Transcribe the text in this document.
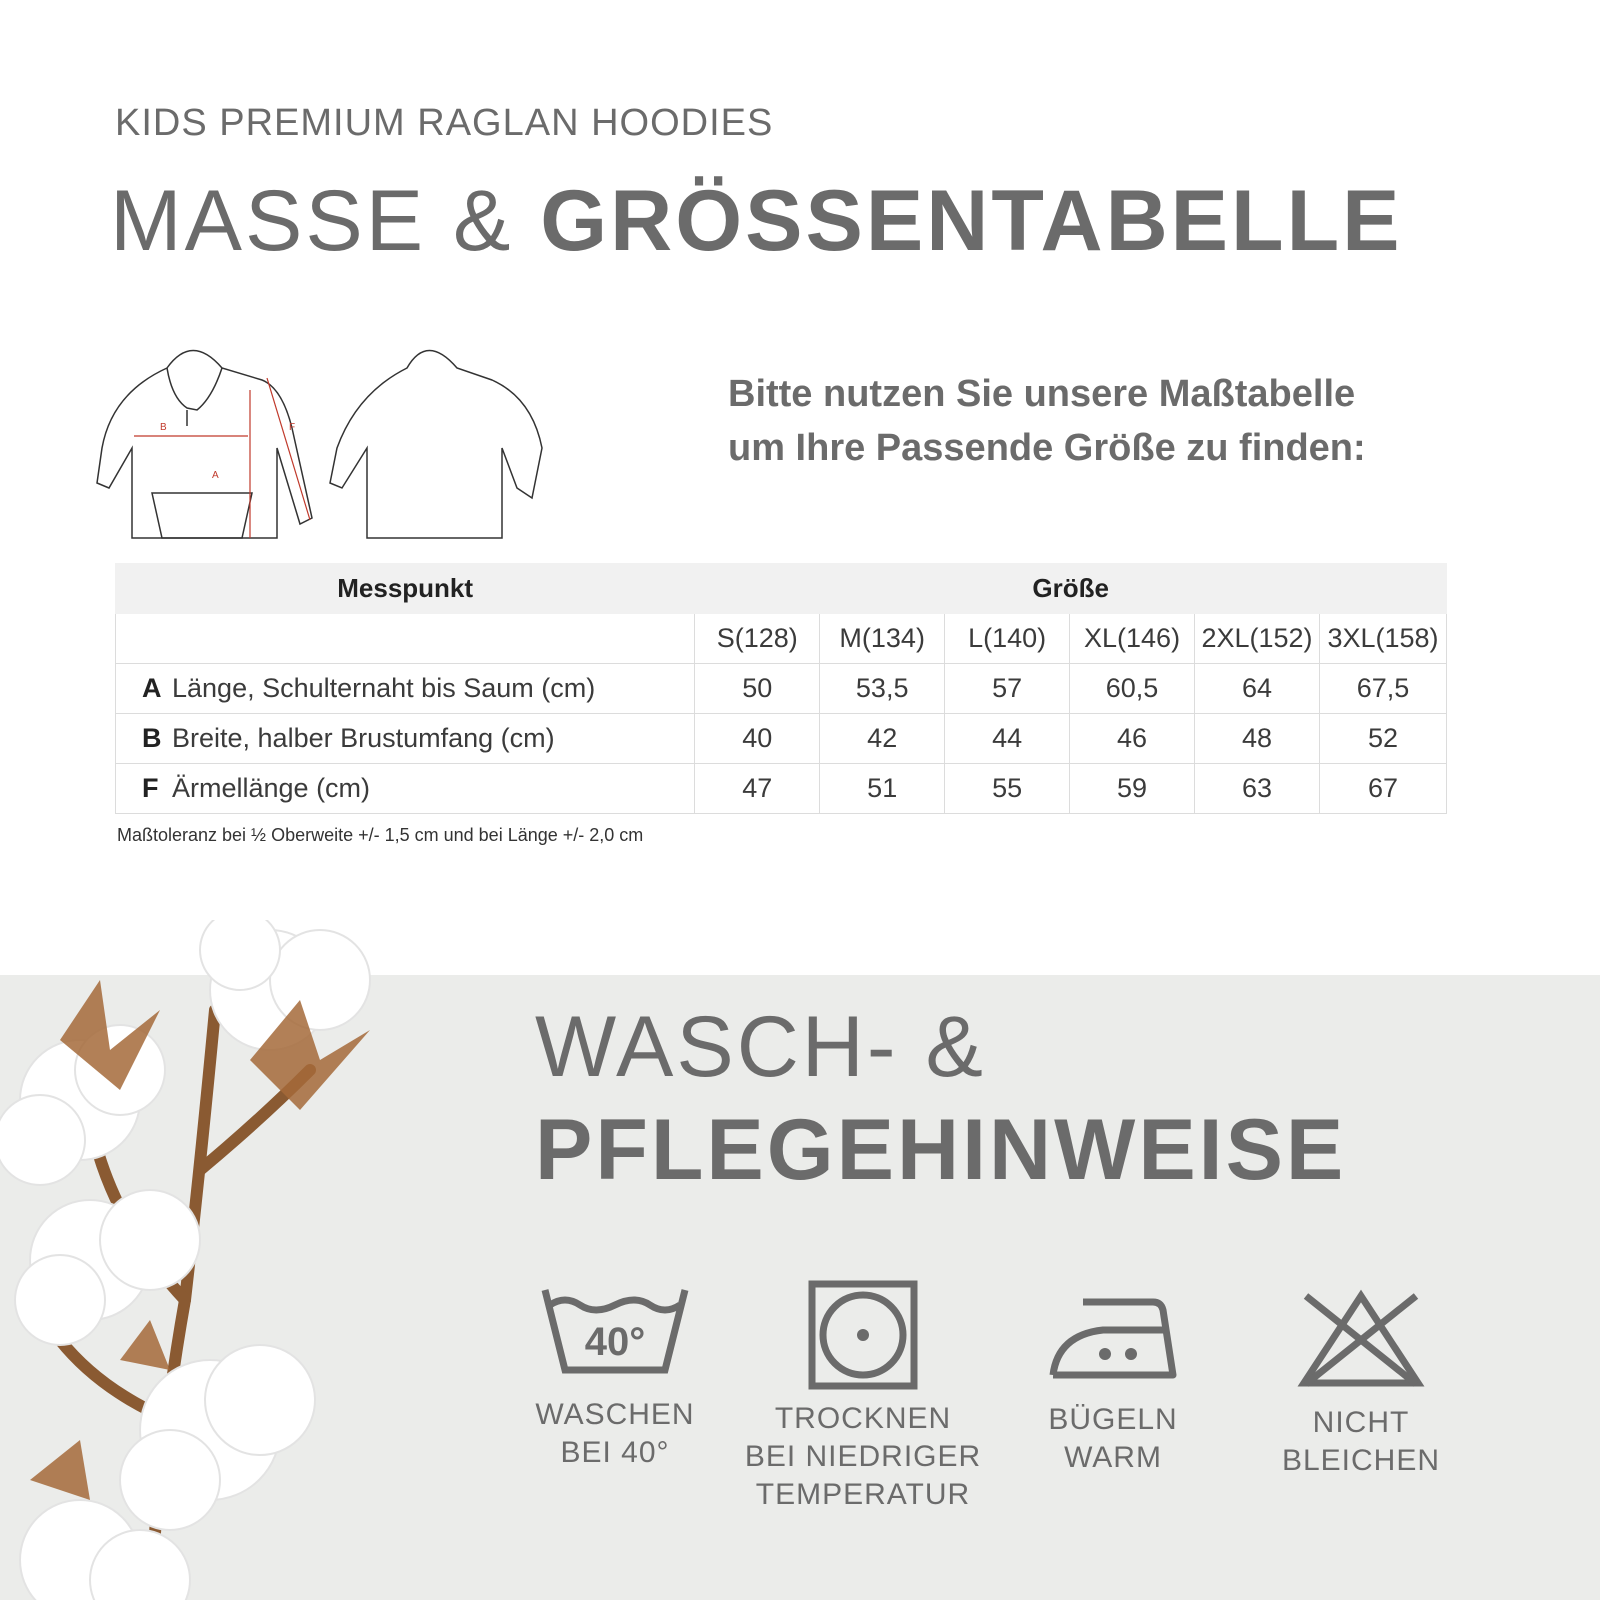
KIDS PREMIUM RAGLAN HOODIES
MASSE & GRÖSSENTABELLE
B
A
F
Bitte nutzen Sie unsere Maßtabelle
um Ihre Passende Größe zu finden:
Messpunkt	Größe					
	S(128)	M(134)	L(140)	XL(146)	2XL(152)	3XL(158)
A Länge, Schulternaht bis Saum (cm)	50	53,5	57	60,5	64	67,5
B Breite, halber Brustumfang (cm)	40	42	44	46	48	52
F Ärmellänge (cm)	47	51	55	59	63	67
Maßtoleranz bei ½ Oberweite +/- 1,5 cm und bei Länge +/- 2,0 cm
WASCH- &
PFLEGEHINWEISE
40°
WASCHEN
BEI 40°
TROCKNEN
BEI NIEDRIGER
TEMPERATUR
BÜGELN
WARM
NICHT
BLEICHEN
